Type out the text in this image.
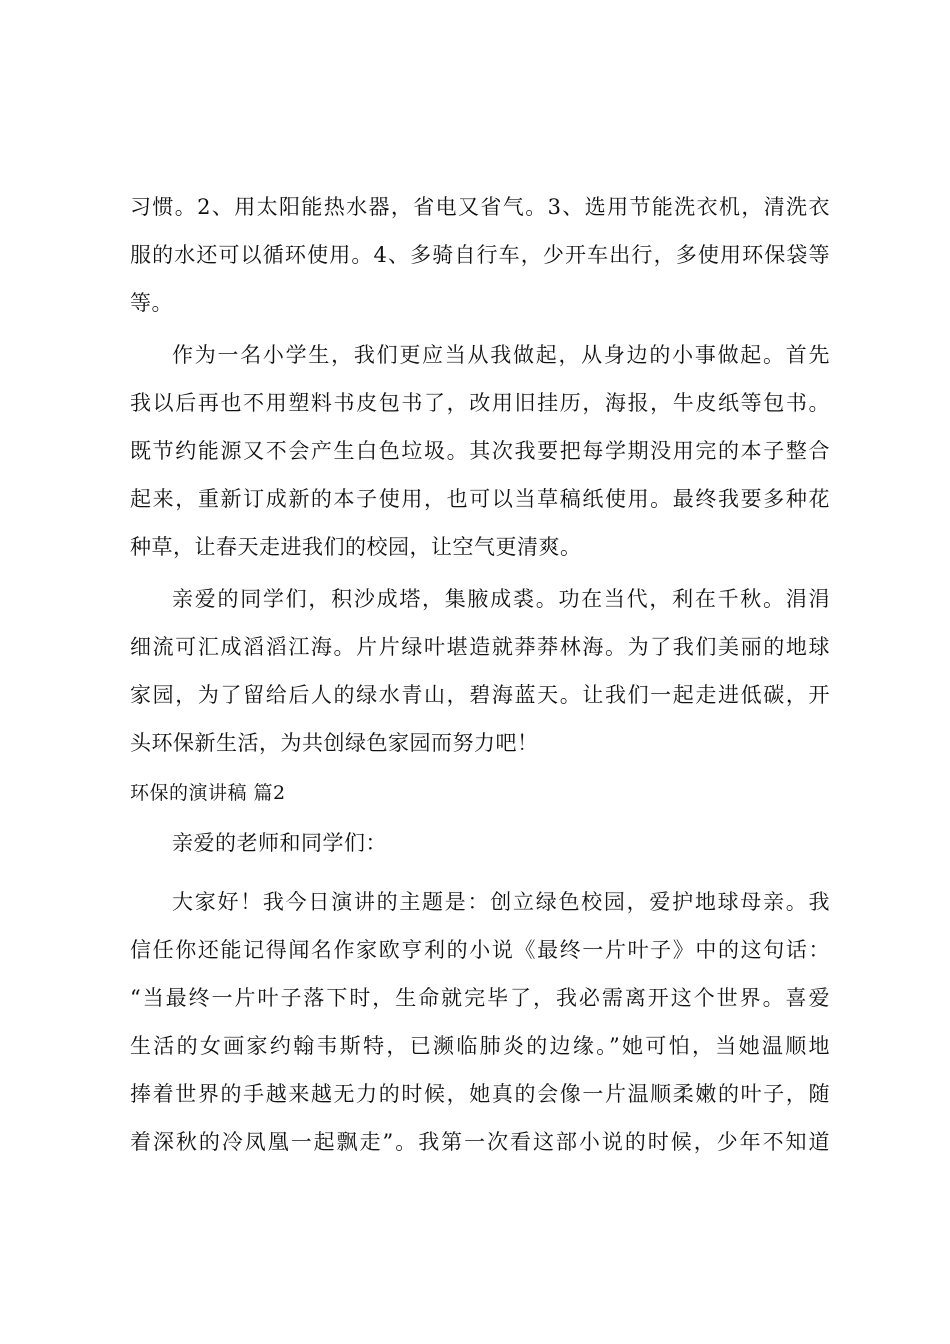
习惯。2、用太阳能热水器，省电又省气。3、选用节能洗衣机，清洗衣
服的水还可以循环使用。4、多骑自行车，少开车出行，多使用环保袋等
等。
作为一名小学生，我们更应当从我做起，从身边的小事做起。首先
我以后再也不用塑料书皮包书了，改用旧挂历，海报，牛皮纸等包书。
既节约能源又不会产生白色垃圾。其次我要把每学期没用完的本子整合
起来，重新订成新的本子使用，也可以当草稿纸使用。最终我要多种花
种草，让春天走进我们的校园，让空气更清爽。
亲爱的同学们，积沙成塔，集腋成裘。功在当代，利在千秋。涓涓
细流可汇成滔滔江海。片片绿叶堪造就莽莽林海。为了我们美丽的地球
家园，为了留给后人的绿水青山，碧海蓝天。让我们一起走进低碳，开
头环保新生活，为共创绿色家园而努力吧！
环保的演讲稿 篇2
亲爱的老师和同学们：
大家好！我今日演讲的主题是：创立绿色校园，爱护地球母亲。我
信任你还能记得闻名作家欧亨利的小说《最终一片叶子》中的这句话：
“当最终一片叶子落下时，生命就完毕了，我必需离开这个世界。喜爱
生活的女画家约翰韦斯特，已濒临肺炎的边缘。”她可怕，当她温顺地
捧着世界的手越来越无力的时候，她真的会像一片温顺柔嫩的叶子，随
着深秋的冷凤凰一起飘走”。我第一次看这部小说的时候，少年不知道
